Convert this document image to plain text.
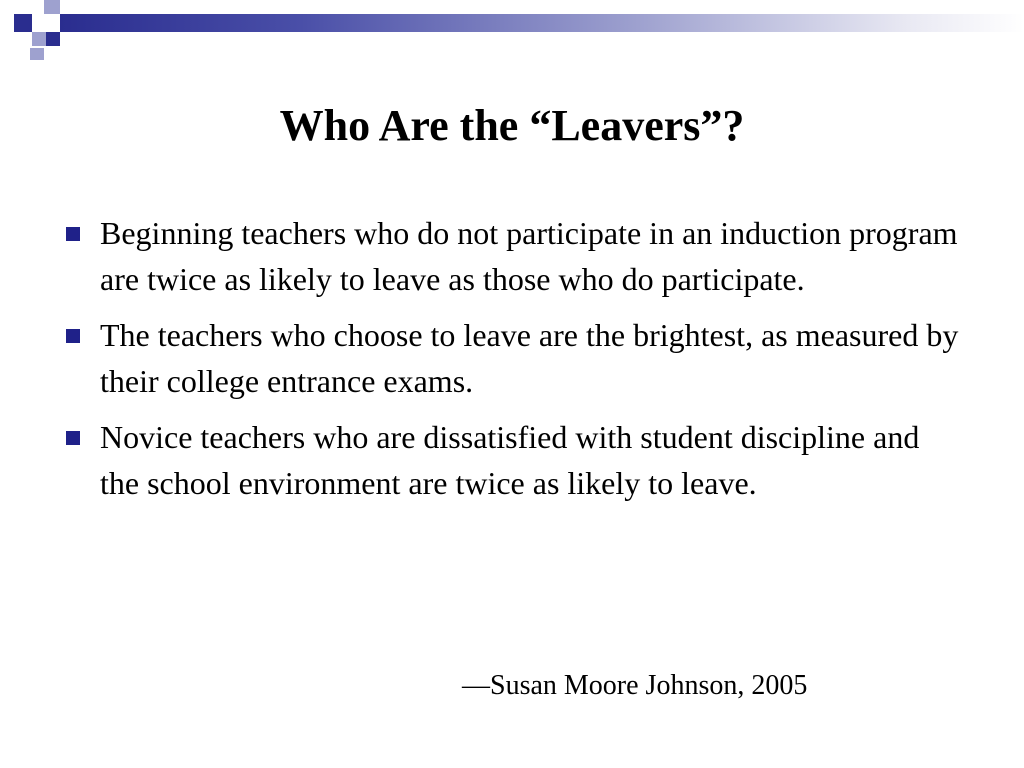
Who Are the “Leavers”?
Beginning teachers who do not participate in an induction program are twice as likely to leave as those who do participate.
The teachers who choose to leave are the brightest, as measured by their college entrance exams.
Novice teachers who are dissatisfied with student discipline and the school environment are twice as likely to leave.

—Susan Moore Johnson, 2005
